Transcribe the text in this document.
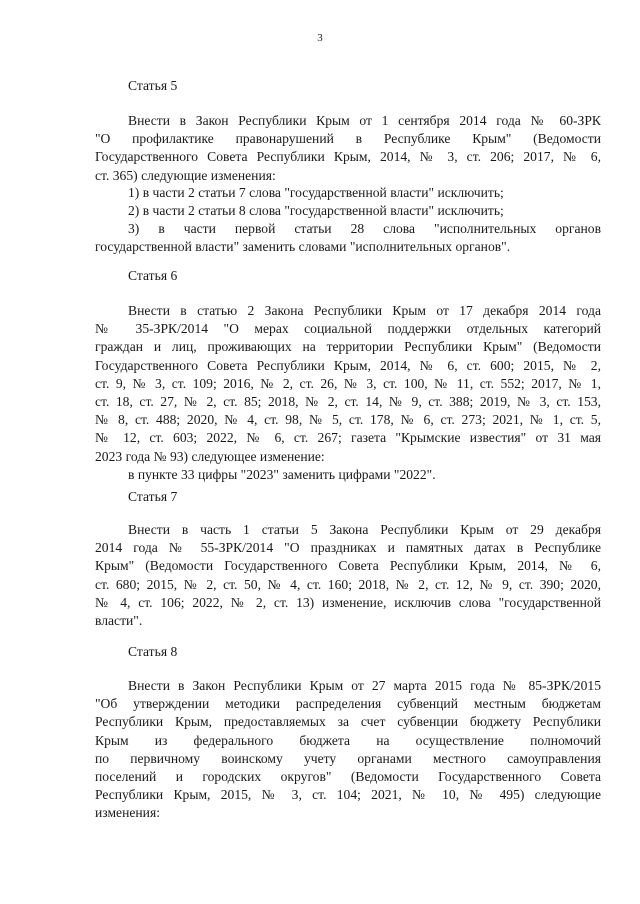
3
Статья 5
Внести в Закон Республики Крым от 1 сентября 2014 года № 60-ЗРК
"О профилактике правонарушений в Республике Крым" (Ведомости
Государственного Совета Республики Крым, 2014, № 3, ст. 206; 2017, № 6,
ст. 365) следующие изменения:
1) в части 2 статьи 7 слова "государственной власти" исключить;
2) в части 2 статьи 8 слова "государственной власти" исключить;
3) в части первой статьи 28 слова "исполнительных органов
государственной власти" заменить словами "исполнительных органов".
Статья 6
Внести в статью 2 Закона Республики Крым от 17 декабря 2014 года
№ 35-ЗРК/2014 "О мерах социальной поддержки отдельных категорий
граждан и лиц, проживающих на территории Республики Крым" (Ведомости
Государственного Совета Республики Крым, 2014, № 6, ст. 600; 2015, № 2,
ст. 9, № 3, ст. 109; 2016, № 2, ст. 26, № 3, ст. 100, № 11, ст. 552; 2017, № 1,
ст. 18, ст. 27, № 2, ст. 85; 2018, № 2, ст. 14, № 9, ст. 388; 2019, № 3, ст. 153,
№ 8, ст. 488; 2020, № 4, ст. 98, № 5, ст. 178, № 6, ст. 273; 2021, № 1, ст. 5,
№ 12, ст. 603; 2022, № 6, ст. 267; газета "Крымские известия" от 31 мая
2023 года № 93) следующее изменение:
в пункте 33 цифры "2023" заменить цифрами "2022".
Статья 7
Внести в часть 1 статьи 5 Закона Республики Крым от 29 декабря
2014 года № 55-ЗРК/2014 "О праздниках и памятных датах в Республике
Крым" (Ведомости Государственного Совета Республики Крым, 2014, № 6,
ст. 680; 2015, № 2, ст. 50, № 4, ст. 160; 2018, № 2, ст. 12, № 9, ст. 390; 2020,
№ 4, ст. 106; 2022, № 2, ст. 13) изменение, исключив слова "государственной
власти".
Статья 8
Внести в Закон Республики Крым от 27 марта 2015 года № 85-ЗРК/2015
"Об утверждении методики распределения субвенций местным бюджетам
Республики Крым, предоставляемых за счет субвенции бюджету Республики
Крым из федерального бюджета на осуществление полномочий
по первичному воинскому учету органами местного самоуправления
поселений и городских округов" (Ведомости Государственного Совета
Республики Крым, 2015, № 3, ст. 104; 2021, № 10, № 495) следующие
изменения:
